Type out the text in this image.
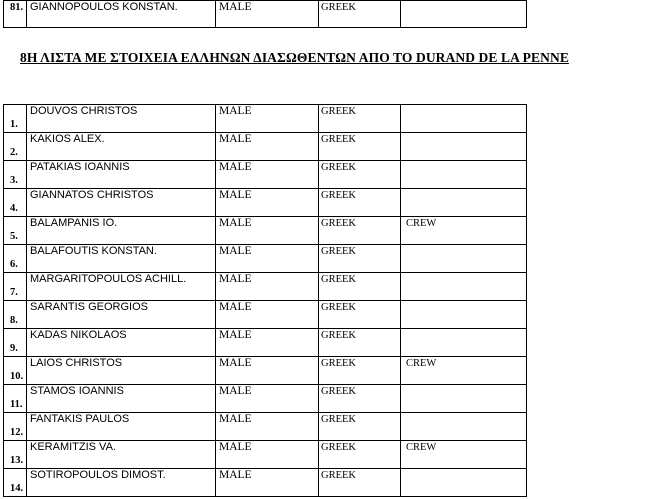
81.	GIANNOPOULOS KONSTAN.	MALE	GREEK	
8Η ΛΙΣΤΑ ΜΕ ΣΤΟΙΧΕΙΑ ΕΛΛΗΝΩΝ ΔΙΑΣΩΘΕΝΤΩΝ ΑΠΟ ΤΟ DURAND DE LA PENNE
1.	DOUVOS CHRISTOS	MALE	GREEK	
2.	KAKIOS ALEX.	MALE	GREEK	
3.	PATAKIAS IOANNIS	MALE	GREEK	
4.	GIANNATOS CHRISTOS	MALE	GREEK	
5.	BALAMPANIS IO.	MALE	GREEK	CREW
6.	BALAFOUTIS KONSTAN.	MALE	GREEK	
7.	MARGARITOPOULOS ACHILL.	MALE	GREEK	
8.	SARANTIS GEORGIOS	MALE	GREEK	
9.	KADAS NIKOLAOS	MALE	GREEK	
10.	LAIOS CHRISTOS	MALE	GREEK	CREW
11.	STAMOS IOANNIS	MALE	GREEK	
12.	FANTAKIS PAULOS	MALE	GREEK	
13.	KERAMITZIS VA.	MALE	GREEK	CREW
14.	SOTIROPOULOS DIMOST.	MALE	GREEK	
